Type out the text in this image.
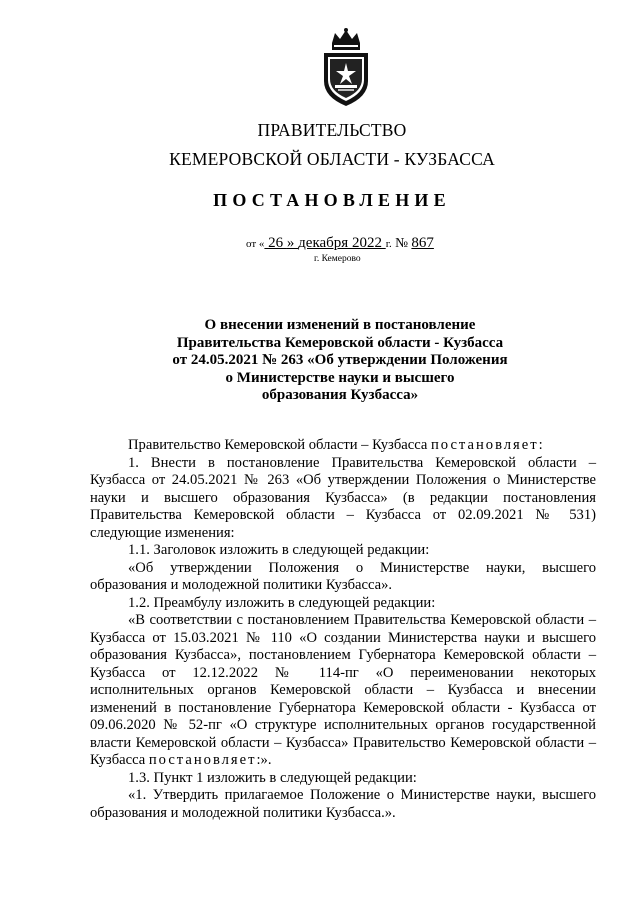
ПРАВИТЕЛЬСТВО
КЕМЕРОВСКОЙ ОБЛАСТИ - КУЗБАССА
ПОСТАНОВЛЕНИЕ
от « 26 » декабря 2022 г. № 867
г. Кемерово
О внесении изменений в постановление
Правительства Кемеровской области - Кузбасса
от 24.05.2021 № 263 «Об утверждении Положения
о Министерстве науки и высшего
образования Кузбасса»

Правительство Кемеровской области – Кузбасса постановляет:

1. Внести в постановление Правительства Кемеровской области – Кузбасса от 24.05.2021 № 263 «Об утверждении Положения о Министерстве науки и высшего образования Кузбасса» (в редакции постановления Правительства Кемеровской области – Кузбасса от 02.09.2021 № 531) следующие изменения:

1.1. Заголовок изложить в следующей редакции:

«Об утверждении Положения о Министерстве науки, высшего образования и молодежной политики Кузбасса».

1.2. Преамбулу изложить в следующей редакции:

«В соответствии с постановлением Правительства Кемеровской области – Кузбасса от 15.03.2021 № 110 «О создании Министерства науки и высшего образования Кузбасса», постановлением Губернатора Кемеровской области – Кузбасса от 12.12.2022 № 114-пг «О переименовании некоторых исполнительных органов Кемеровской области – Кузбасса и внесении изменений в постановление Губернатора Кемеровской области - Кузбасса от 09.06.2020 № 52-пг «О структуре исполнительных органов государственной власти Кемеровской области – Кузбасса» Правительство Кемеровской области – Кузбасса постановляет:».

1.3. Пункт 1 изложить в следующей редакции:

«1. Утвердить прилагаемое Положение о Министерстве науки, высшего образования и молодежной политики Кузбасса.».
